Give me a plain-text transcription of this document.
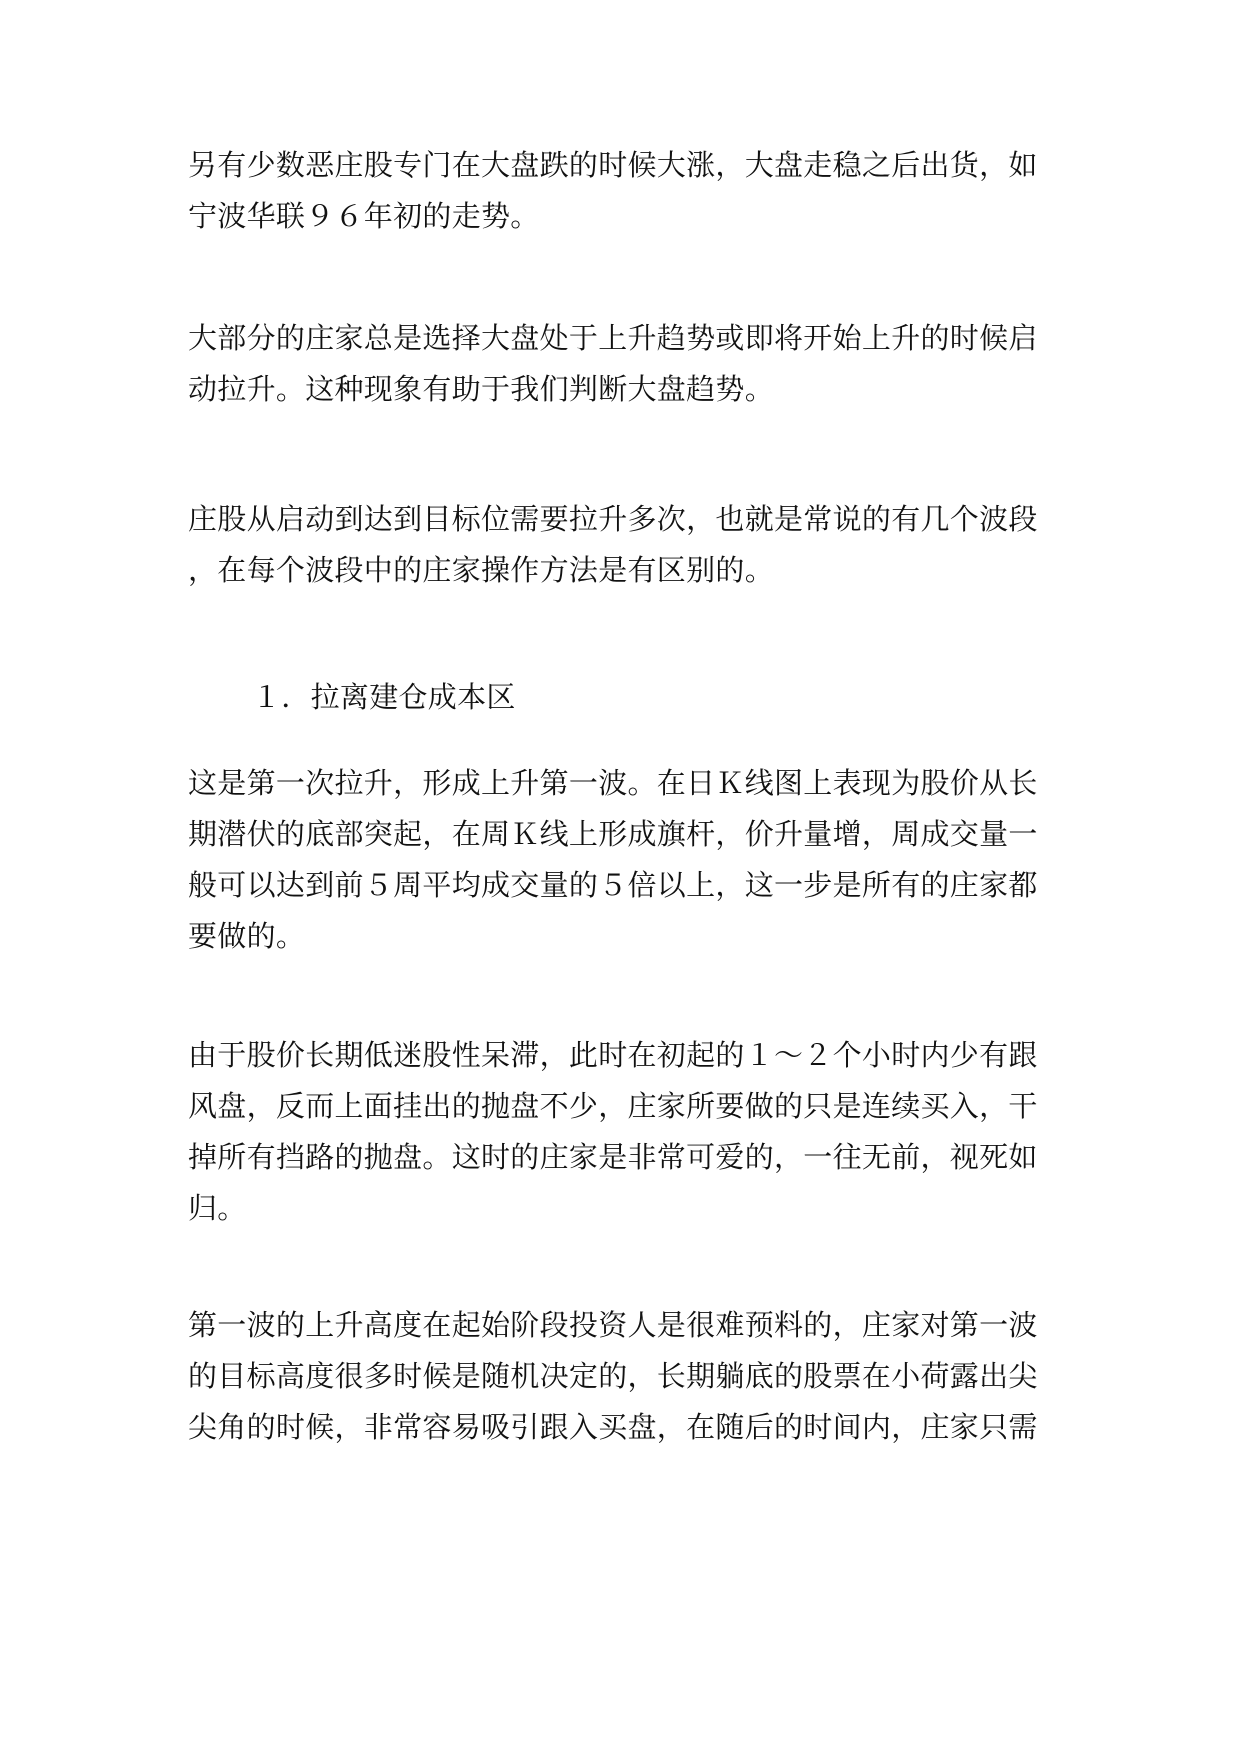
另有少数恶庄股专门在大盘跌的时候大涨，大盘走稳之后出货，如
宁波华联９６年初的走势。

大部分的庄家总是选择大盘处于上升趋势或即将开始上升的时候启
动拉升。这种现象有助于我们判断大盘趋势。

庄股从启动到达到目标位需要拉升多次，也就是常说的有几个波段
，在每个波段中的庄家操作方法是有区别的。

１．拉离建仓成本区

这是第一次拉升，形成上升第一波。在日Ｋ线图上表现为股价从长
期潜伏的底部突起，在周Ｋ线上形成旗杆，价升量增，周成交量一
般可以达到前５周平均成交量的５倍以上，这一步是所有的庄家都
要做的。

由于股价长期低迷股性呆滞，此时在初起的１～２个小时内少有跟
风盘，反而上面挂出的抛盘不少，庄家所要做的只是连续买入，干
掉所有挡路的抛盘。这时的庄家是非常可爱的，一往无前，视死如
归。

第一波的上升高度在起始阶段投资人是很难预料的，庄家对第一波
的目标高度很多时候是随机决定的，长期躺底的股票在小荷露出尖
尖角的时候，非常容易吸引跟入买盘，在随后的时间内，庄家只需
